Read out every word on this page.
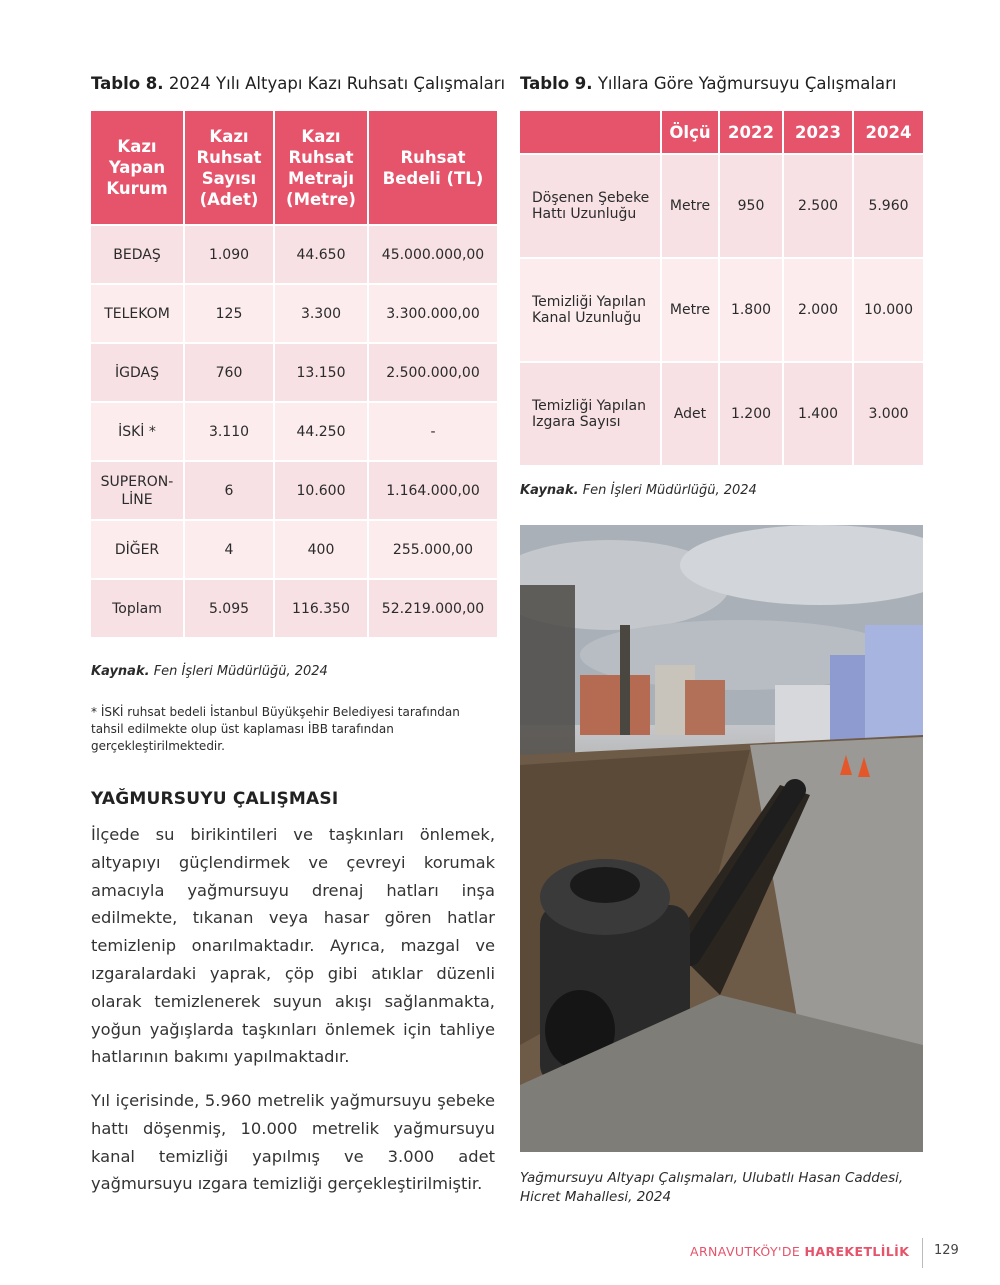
Tablo 8. 2024 Yılı Altyapı Kazı Ruhsatı Çalışmaları
Kazı Yapan Kurum	Kazı Ruhsat Sayısı (Adet)	Kazı Ruhsat Metrajı (Metre)	Ruhsat Bedeli (TL)
BEDAŞ	1.090	44.650	45.000.000,00
TELEKOM	125	3.300	3.300.000,00
İGDAŞ	760	13.150	2.500.000,00
İSKİ *	3.110	44.250	-
SUPERON-
LİNE	6	10.600	1.164.000,00
DİĞER	4	400	255.000,00
Toplam	5.095	116.350	52.219.000,00
Kaynak. Fen İşleri Müdürlüğü, 2024
* İSKİ ruhsat bedeli İstanbul Büyükşehir Belediyesi tarafından tahsil edilmekte olup üst kaplaması İBB tarafından gerçekleştirilmektedir.
YAĞMURSUYU ÇALIŞMASI
İlçede su birikintileri ve taşkınları önlemek, altyapıyı güçlendirmek ve çevreyi korumak amacıyla yağmursuyu drenaj hatları inşa edilmekte, tıkanan veya hasar gören hatlar temizlenip onarılmaktadır. Ayrıca, mazgal ve ızgaralardaki yaprak, çöp gibi atıklar düzenli olarak temizlenerek suyun akışı sağlanmakta, yoğun yağışlarda taşkınları önlemek için tahliye hatlarının bakımı yapılmaktadır.
Yıl içerisinde, 5.960 metrelik yağmursuyu şebeke hattı döşenmiş, 10.000 metrelik yağmursuyu kanal temizliği yapılmış ve 3.000 adet yağmursuyu ızgara temizliği gerçekleştirilmiştir.
Tablo 9. Yıllara Göre Yağmursuyu Çalışmaları
	Ölçü	2022	2023	2024
Döşenen Şebeke Hattı Uzunluğu	Metre	950	2.500	5.960
Temizliği Yapılan Kanal Uzunluğu	Metre	1.800	2.000	10.000
Temizliği Yapılan Izgara Sayısı	Adet	1.200	1.400	3.000
Kaynak. Fen İşleri Müdürlüğü, 2024
Yağmursuyu Altyapı Çalışmaları, Ulubatlı Hasan Caddesi, Hicret Mahallesi, 2024
ARNAVUTKÖY'DE HAREKETLİLİK 129
